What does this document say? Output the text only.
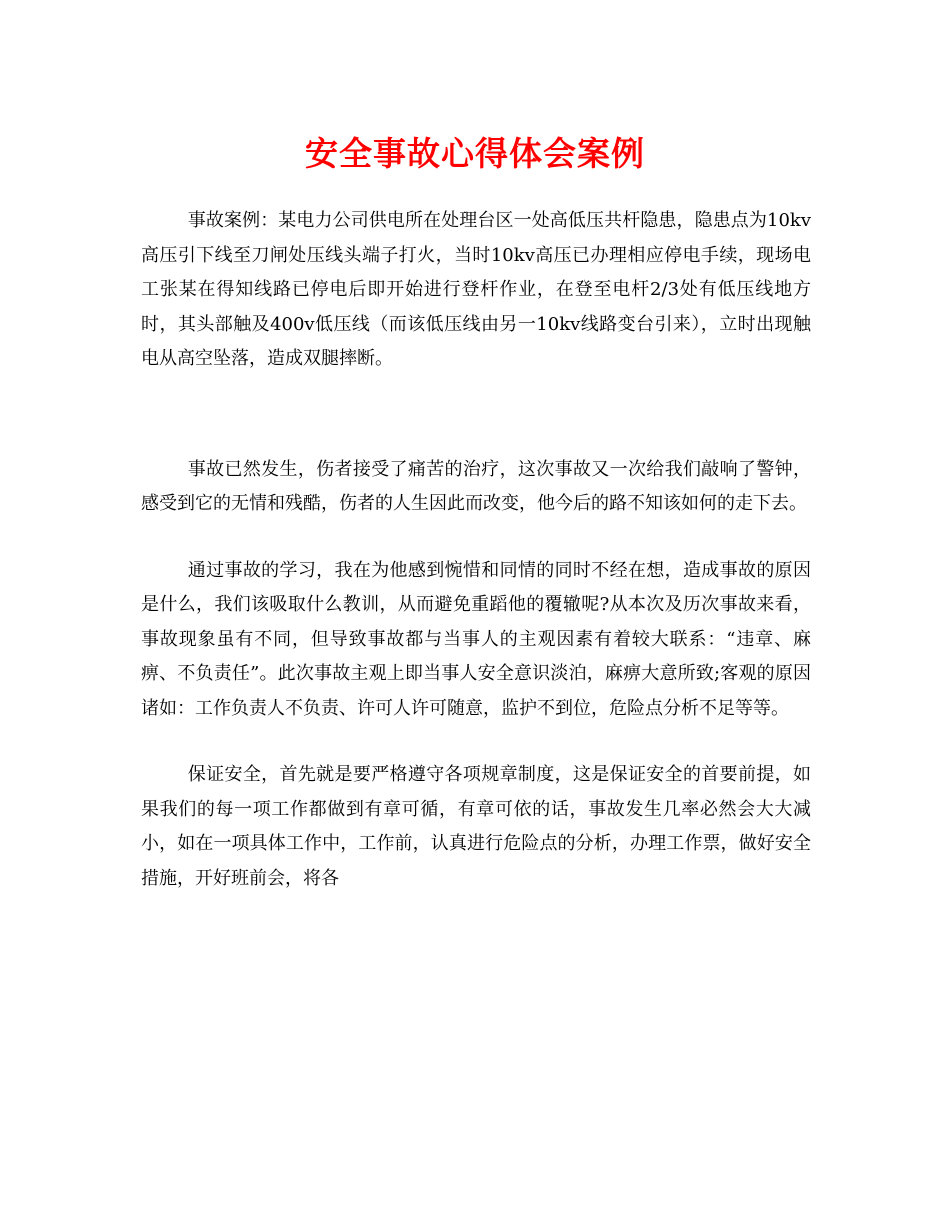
安全事故心得体会案例

事故案例：某电力公司供电所在处理台区一处高低压共杆隐患，隐患点为10kv高压引下线至刀闸处压线头端子打火，当时10kv高压已办理相应停电手续，现场电工张某在得知线路已停电后即开始进行登杆作业，在登至电杆2/3处有低压线地方时，其头部触及400v低压线（而该低压线由另一10kv线路变台引来），立时出现触电从高空坠落，造成双腿摔断。

事故已然发生，伤者接受了痛苦的治疗，这次事故又一次给我们敲响了警钟，感受到它的无情和残酷，伤者的人生因此而改变，他今后的路不知该如何的走下去。

通过事故的学习，我在为他感到惋惜和同情的同时不经在想，造成事故的原因是什么，我们该吸取什么教训，从而避免重蹈他的覆辙呢?从本次及历次事故来看，事故现象虽有不同，但导致事故都与当事人的主观因素有着较大联系：“违章、麻痹、不负责任”。此次事故主观上即当事人安全意识淡泊，麻痹大意所致;客观的原因诸如：工作负责人不负责、许可人许可随意，监护不到位，危险点分析不足等等。

保证安全，首先就是要严格遵守各项规章制度，这是保证安全的首要前提，如果我们的每一项工作都做到有章可循，有章可依的话，事故发生几率必然会大大减小，如在一项具体工作中，工作前，认真进行危险点的分析，办理工作票，做好安全措施，开好班前会，将各
